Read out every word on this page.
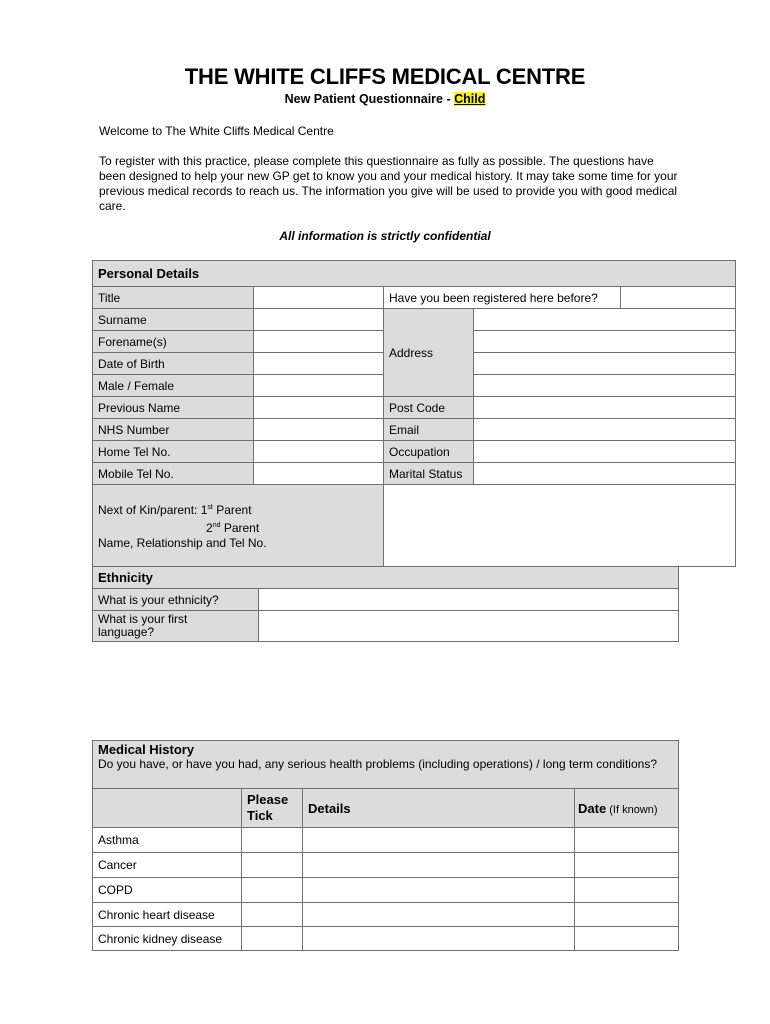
THE WHITE CLIFFS MEDICAL CENTRE
New Patient Questionnaire - Child
Welcome to The White Cliffs Medical Centre
To register with this practice, please complete this questionnaire as fully as possible. The questions have been designed to help your new GP get to know you and your medical history. It may take some time for your previous medical records to reach us. The information you give will be used to provide you with good medical care.
All information is strictly confidential
Personal Details				
Title		Have you been registered here before?		
Surname		Address		
Forename(s)				
Date of Birth				
Male / Female				
Previous Name		Post Code		
NHS Number		Email		
Home Tel No.		Occupation		
Mobile Tel No.		Marital Status		

Next of Kin/parent: 1st Parent
2nd Parent
Name, Relationship and Tel No.				

Ethnicity	
What is your ethnicity?	
What is your first language?	
Medical History
Do you have, or have you had, any serious health problems (including operations) / long term conditions?			

	Please Tick	Details	Date (If known)
Asthma			
Cancer			
COPD			
Chronic heart disease			
Chronic kidney disease			
